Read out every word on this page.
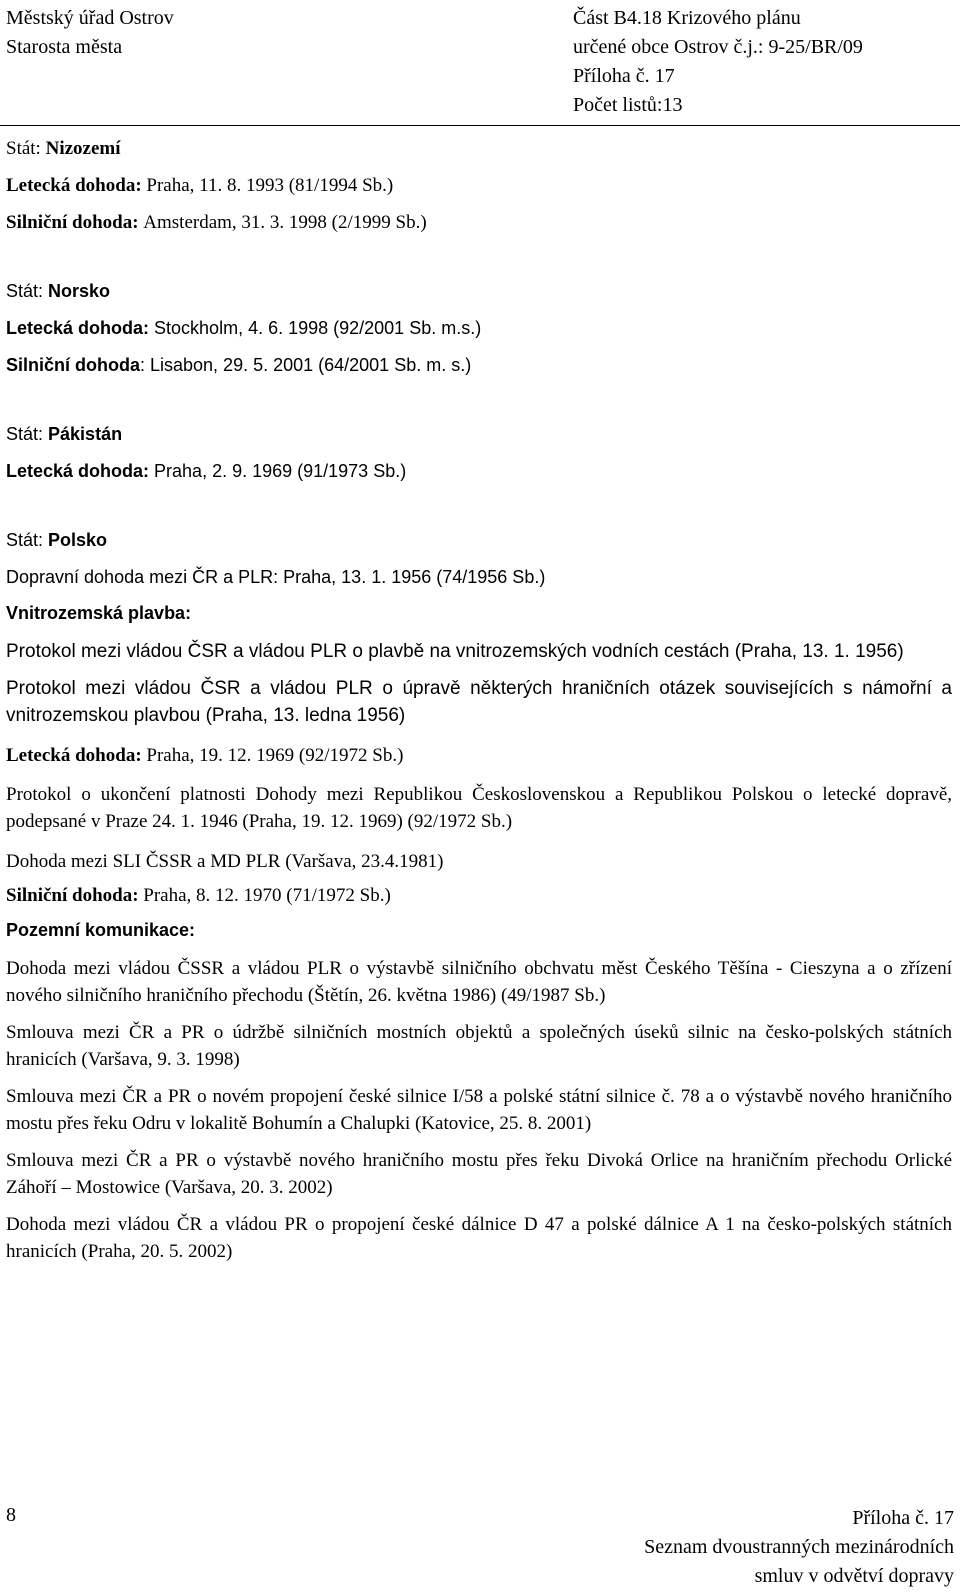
Městský úřad Ostrov
Starosta města
Část B4.18 Krizového plánu
určené obce Ostrov č.j.: 9-25/BR/09
Příloha č. 17
Počet listů:13
Stát: Nizozemí
Letecká dohoda: Praha, 11. 8. 1993 (81/1994 Sb.)
Silniční dohoda: Amsterdam, 31. 3. 1998 (2/1999 Sb.)
Stát: Norsko
Letecká dohoda: Stockholm, 4. 6. 1998 (92/2001 Sb. m.s.)
Silniční dohoda: Lisabon, 29. 5. 2001 (64/2001 Sb. m. s.)
Stát: Pákistán
Letecká dohoda: Praha, 2. 9. 1969 (91/1973 Sb.)
Stát: Polsko
Dopravní dohoda mezi ČR a PLR: Praha, 13. 1. 1956 (74/1956 Sb.)
Vnitrozemská plavba:
Protokol mezi vládou ČSR a vládou PLR o plavbě na vnitrozemských vodních cestách (Praha, 13. 1. 1956)
Protokol mezi vládou ČSR a vládou PLR o úpravě některých hraničních otázek souvisejících s námořní a vnitrozemskou plavbou (Praha, 13. ledna 1956)
Letecká dohoda: Praha, 19. 12. 1969 (92/1972 Sb.)
Protokol o ukončení platnosti Dohody mezi Republikou Československou a Republikou Polskou o letecké dopravě, podepsané v Praze 24. 1. 1946 (Praha, 19. 12. 1969) (92/1972 Sb.)
Dohoda mezi SLI ČSSR a MD PLR (Varšava, 23.4.1981)
Silniční dohoda: Praha, 8. 12. 1970 (71/1972 Sb.)
Pozemní komunikace:
Dohoda mezi vládou ČSSR a vládou PLR o výstavbě silničního obchvatu měst Českého Těšína - Cieszyna a o zřízení nového silničního hraničního přechodu (Štětín, 26. května 1986) (49/1987 Sb.)
Smlouva mezi ČR a PR o údržbě silničních mostních objektů a společných úseků silnic na česko-polských státních hranicích (Varšava, 9. 3. 1998)
Smlouva mezi ČR a PR o novém propojení české silnice I/58 a polské státní silnice č. 78 a o výstavbě nového hraničního mostu přes řeku Odru v lokalitě Bohumín a Chalupki (Katovice, 25. 8. 2001)
Smlouva mezi ČR a PR o výstavbě nového hraničního mostu přes řeku Divoká Orlice na hraničním přechodu Orlické Záhoří – Mostowice (Varšava, 20. 3. 2002)
Dohoda mezi vládou ČR a vládou PR o propojení české dálnice D 47 a polské dálnice A 1 na česko-polských státních hranicích (Praha, 20. 5. 2002)
8	Příloha č. 17
Seznam dvoustranných mezinárodních
smluv v odvětví dopravy
